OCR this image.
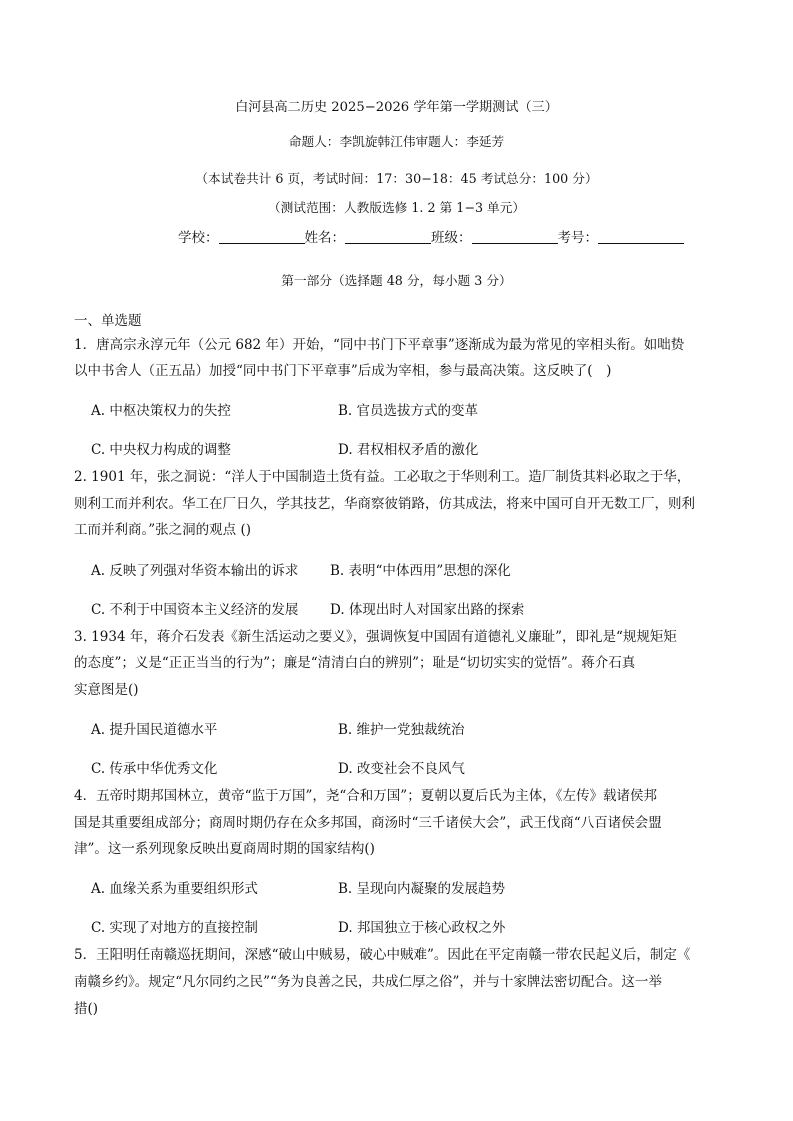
白河县高二历史 2025−2026 学年第一学期测试（三）
命题人：李凯旋韩江伟审题人：李延芳
（本试卷共计 6 页，考试时间：17：30−18：45 考试总分：100 分）
（测试范围：人教版选修 1. 2 第 1−3 单元）
学校：	姓名：	班级：	考号：
第一部分（选择题 48 分，每小题 3 分）
一、单选题
1．唐高宗永淳元年（公元 682 年）开始，“同中书门下平章事”逐渐成为最为常见的宰相头衔。如咄贽
以中书舍人（正五品）加授“同中书门下平章事”后成为宰相，参与最高决策。这反映了(　)
A. 中枢决策权力的失控	B. 官员选拔方式的变革
C. 中央权力构成的调整	D. 君权相权矛盾的激化
2. 1901 年，张之洞说：“洋人于中国制造土货有益。工必取之于华则利工。造厂制货其料必取之于华，
则利工而并利农。华工在厂日久，学其技艺，华商察彼销路，仿其成法，将来中国可自开无数工厂，则利
工而并利商。”张之洞的观点 ()
A. 反映了列强对华资本输出的诉求 B. 表明“中体西用”思想的深化
C. 不利于中国资本主义经济的发展 D. 体现出时人对国家出路的探索
3. 1934 年，蒋介石发表《新生活运动之要义》，强调恢复中国固有道德礼义廉耻”，即礼是“规规矩矩
的态度”；义是“正正当当的行为”；廉是“清清白白的辨别”；耻是“切切实实的觉悟”。蒋介石真
实意图是()
A. 提升国民道德水平	B. 维护一党独裁统治
C. 传承中华优秀文化	D. 改变社会不良风气
4．五帝时期邦国林立，黄帝“监于万国”，尧“合和万国”；夏朝以夏后氏为主体，《左传》载诸侯邦
国是其重要组成部分；商周时期仍存在众多邦国，商汤时“三千诸侯大会”，武王伐商“八百诸侯会盟
津”。这一系列现象反映出夏商周时期的国家结构()
A. 血缘关系为重要组织形式	B. 呈现向内凝聚的发展趋势
C. 实现了对地方的直接控制	D. 邦国独立于核心政权之外
5．王阳明任南赣巡抚期间，深感“破山中贼易，破心中贼难”。因此在平定南赣一带农民起义后，制定《
南赣乡约》。规定“凡尔同约之民”“务为良善之民，共成仁厚之俗”，并与十家牌法密切配合。这一举
措()
